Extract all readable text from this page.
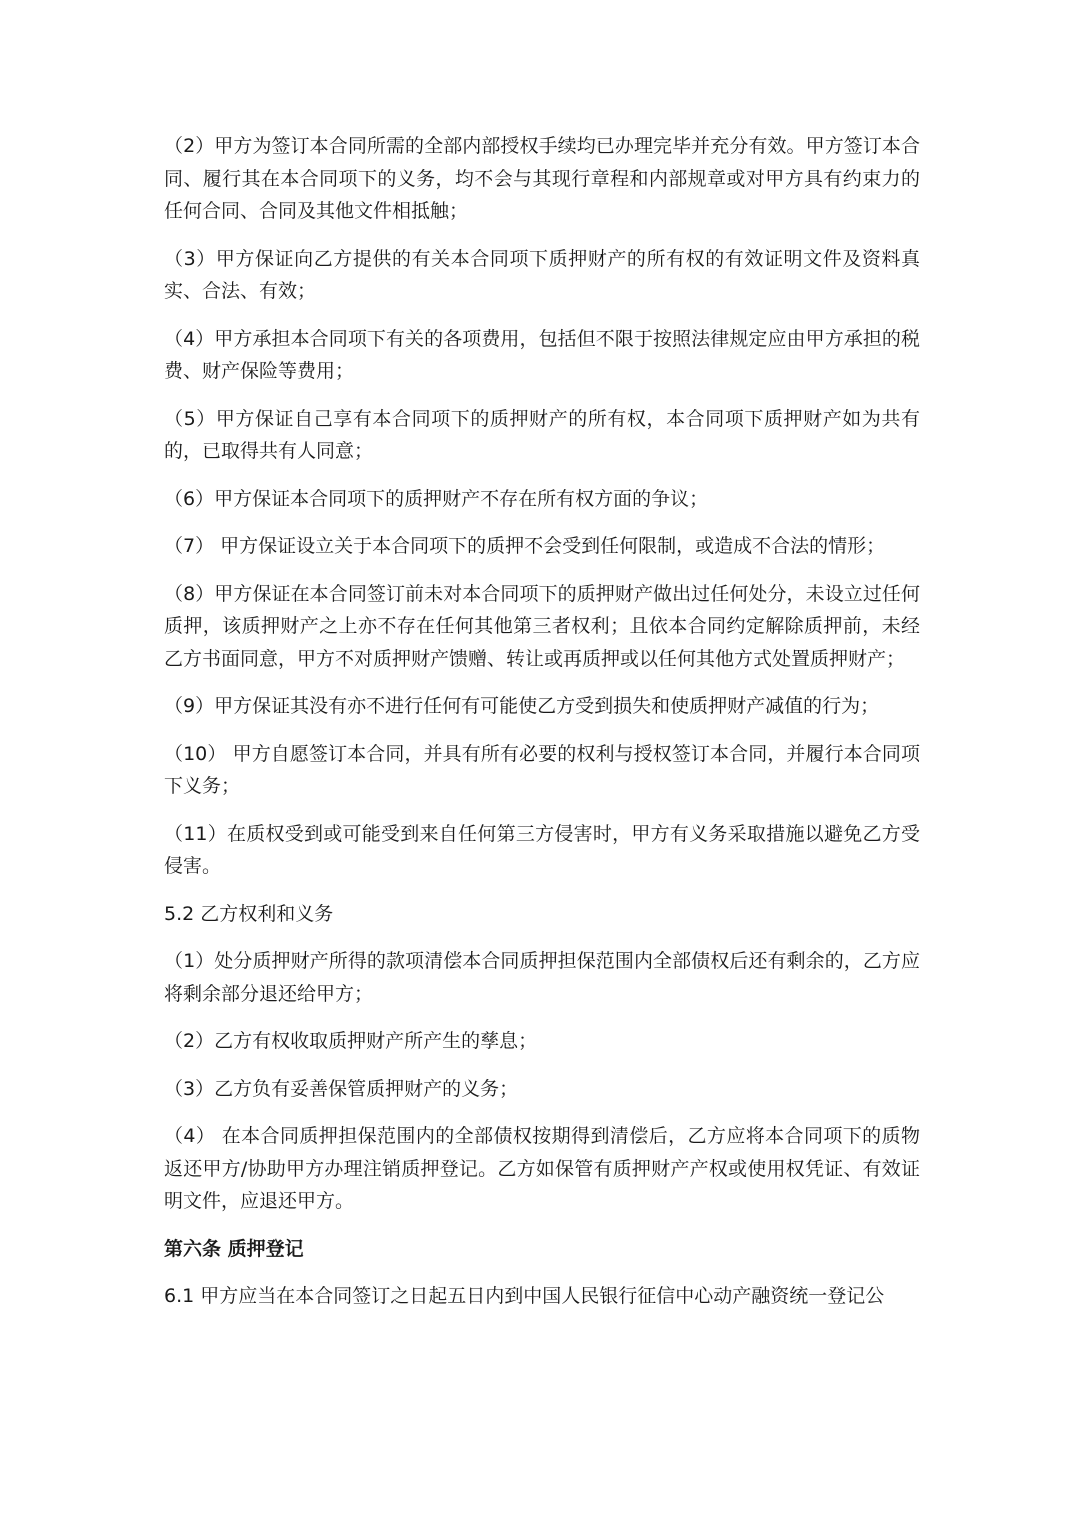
（2）甲方为签订本合同所需的全部内部授权手续均已办理完毕并充分有效。甲方签订本合同、履行其在本合同项下的义务，均不会与其现行章程和内部规章或对甲方具有约束力的任何合同、合同及其他文件相抵触；

（3）甲方保证向乙方提供的有关本合同项下质押财产的所有权的有效证明文件及资料真实、合法、有效；

（4）甲方承担本合同项下有关的各项费用，包括但不限于按照法律规定应由甲方承担的税费、财产保险等费用；

（5）甲方保证自己享有本合同项下的质押财产的所有权，本合同项下质押财产如为共有的，已取得共有人同意；

（6）甲方保证本合同项下的质押财产不存在所有权方面的争议；

（7） 甲方保证设立关于本合同项下的质押不会受到任何限制，或造成不合法的情形；

（8）甲方保证在本合同签订前未对本合同项下的质押财产做出过任何处分，未设立过任何质押，该质押财产之上亦不存在任何其他第三者权利；且依本合同约定解除质押前，未经乙方书面同意，甲方不对质押财产馈赠、转让或再质押或以任何其他方式处置质押财产；

（9）甲方保证其没有亦不进行任何有可能使乙方受到损失和使质押财产减值的行为；

（10） 甲方自愿签订本合同，并具有所有必要的权利与授权签订本合同，并履行本合同项下义务；

（11）在质权受到或可能受到来自任何第三方侵害时，甲方有义务采取措施以避免乙方受侵害。

5.2 乙方权利和义务

（1）处分质押财产所得的款项清偿本合同质押担保范围内全部债权后还有剩余的，乙方应将剩余部分退还给甲方；

（2）乙方有权收取质押财产所产生的孳息；

（3）乙方负有妥善保管质押财产的义务；

（4） 在本合同质押担保范围内的全部债权按期得到清偿后，乙方应将本合同项下的质物返还甲方/协助甲方办理注销质押登记。乙方如保管有质押财产产权或使用权凭证、有效证明文件，应退还甲方。

第六条 质押登记

6.1 甲方应当在本合同签订之日起五日内到中国人民银行征信中心动产融资统一登记公
